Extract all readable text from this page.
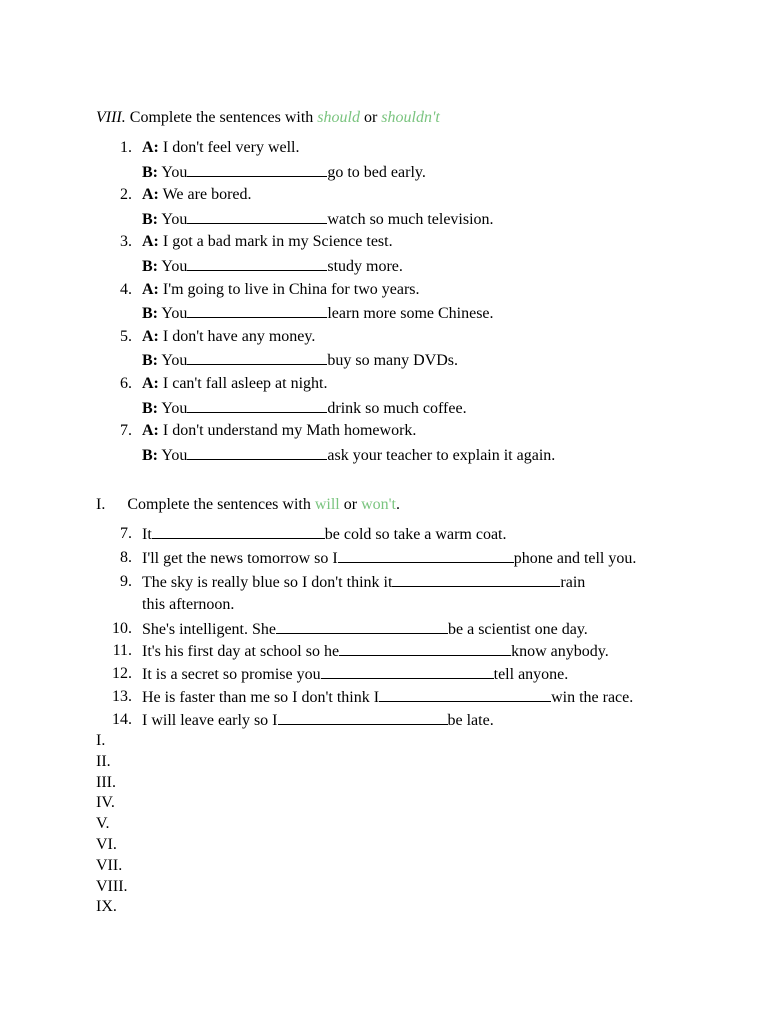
VIII. Complete the sentences with should or shouldn't
1. A: I don't feel very well.
B: You	go to bed early.
2. A: We are bored.
B: You	watch so much television.
3. A: I got a bad mark in my Science test.
B: You	study more.
4. A: I'm going to live in China for two years.
B: You	learn more some Chinese.
5. A: I don't have any money.
B: You	buy so many DVDs.
6. A: I can't fall asleep at night.
B: You	drink so much coffee.
7. A: I don't understand my Math homework.
B: You	ask your teacher to explain it again.
I. Complete the sentences with will or won't.
7. It	be cold so take a warm coat.
8. I'll get the news tomorrow so I	phone and tell you.
9. The sky is really blue so I don't think it	rain
this afternoon.
10. She's intelligent. She	be a scientist one day.
11. It's his first day at school so he	know anybody.
12. It is a secret so promise you	tell anyone.
13. He is faster than me so I don't think I	win the race.
14. I will leave early so I	be late.
I.
II.
III.
IV.
V.
VI.
VII.
VIII.
IX.
